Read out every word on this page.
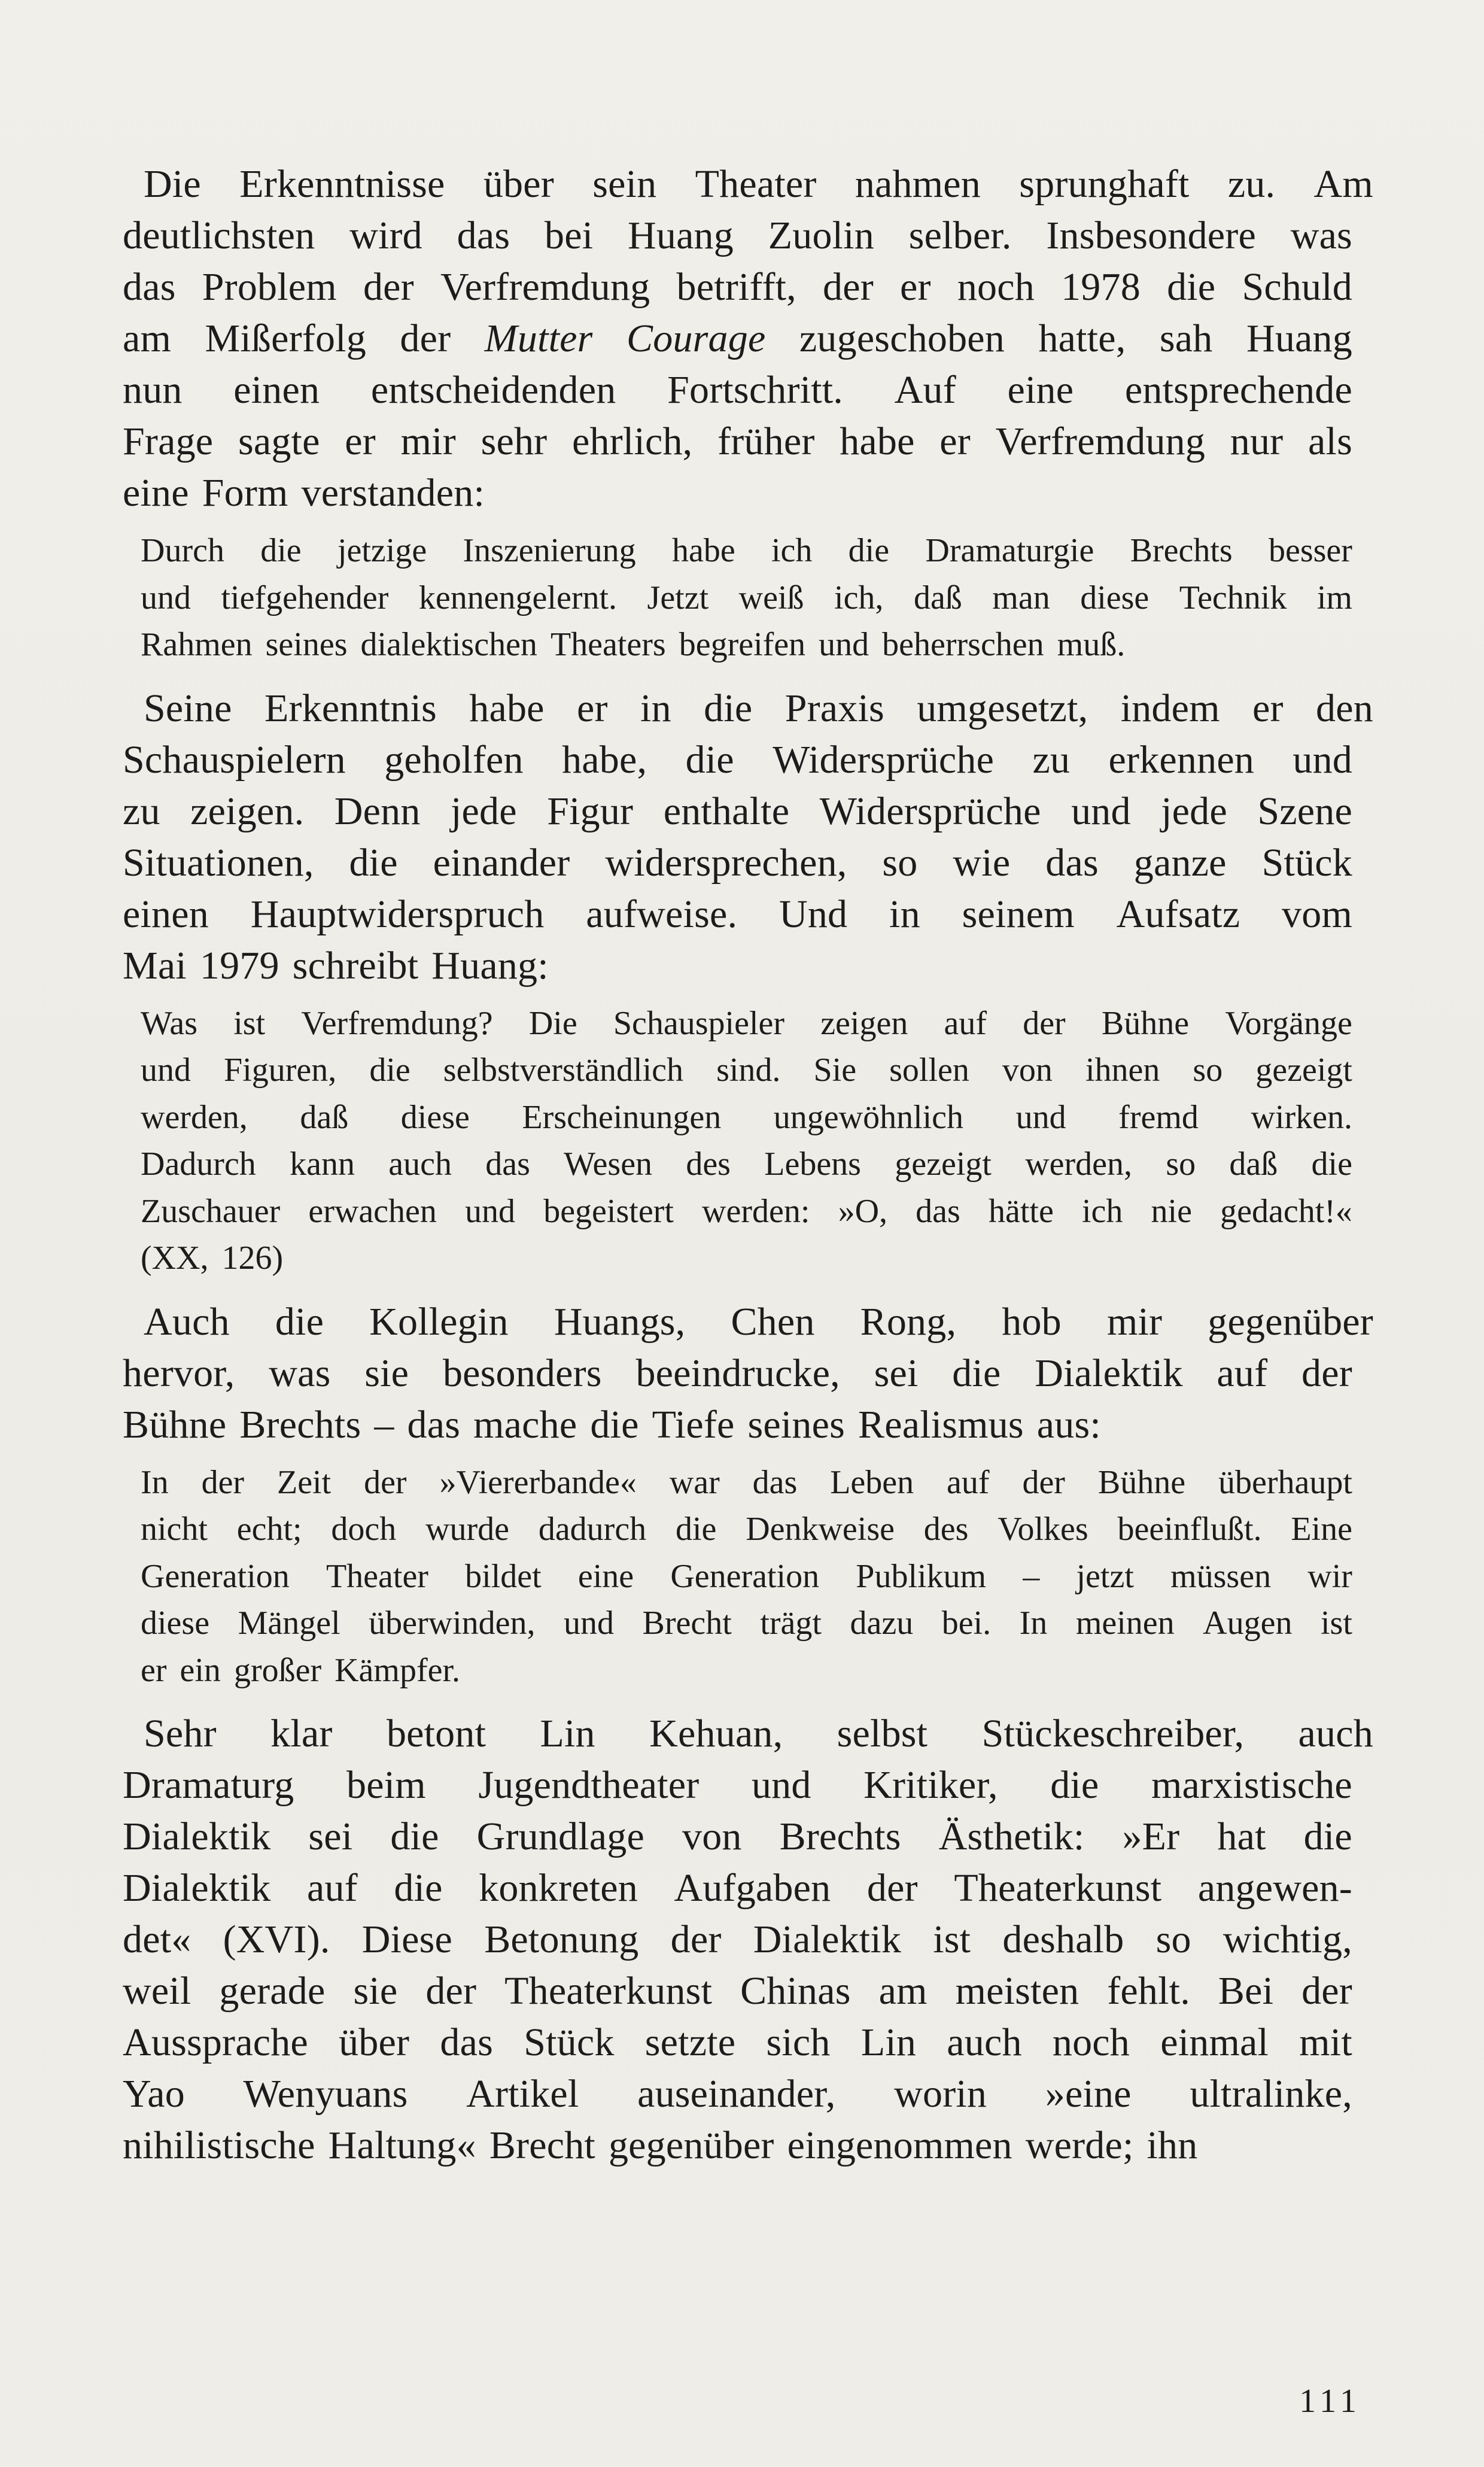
Die Erkenntnisse über sein Theater nahmen sprunghaft zu. Am
deutlichsten wird das bei Huang Zuolin selber. Insbesondere was
das Problem der Verfremdung betrifft, der er noch 1978 die Schuld
am Mißerfolg der Mutter Courage zugeschoben hatte, sah Huang
nun einen entscheidenden Fortschritt. Auf eine entsprechende
Frage sagte er mir sehr ehrlich, früher habe er Verfremdung nur als
eine Form verstanden:
Durch die jetzige Inszenierung habe ich die Dramaturgie Brechts besser
und tiefgehender kennengelernt. Jetzt weiß ich, daß man diese Technik im
Rahmen seines dialektischen Theaters begreifen und beherrschen muß.
Seine Erkenntnis habe er in die Praxis umgesetzt, indem er den
Schauspielern geholfen habe, die Widersprüche zu erkennen und
zu zeigen. Denn jede Figur enthalte Widersprüche und jede Szene
Situationen, die einander widersprechen, so wie das ganze Stück
einen Hauptwiderspruch aufweise. Und in seinem Aufsatz vom
Mai 1979 schreibt Huang:
Was ist Verfremdung? Die Schauspieler zeigen auf der Bühne Vorgänge
und Figuren, die selbstverständlich sind. Sie sollen von ihnen so gezeigt
werden, daß diese Erscheinungen ungewöhnlich und fremd wirken.
Dadurch kann auch das Wesen des Lebens gezeigt werden, so daß die
Zuschauer erwachen und begeistert werden: »O, das hätte ich nie gedacht!«
(XX, 126)
Auch die Kollegin Huangs, Chen Rong, hob mir gegenüber
hervor, was sie besonders beeindrucke, sei die Dialektik auf der
Bühne Brechts – das mache die Tiefe seines Realismus aus:
In der Zeit der »Viererbande« war das Leben auf der Bühne überhaupt
nicht echt; doch wurde dadurch die Denkweise des Volkes beeinflußt. Eine
Generation Theater bildet eine Generation Publikum – jetzt müssen wir
diese Mängel überwinden, und Brecht trägt dazu bei. In meinen Augen ist
er ein großer Kämpfer.
Sehr klar betont Lin Kehuan, selbst Stückeschreiber, auch
Dramaturg beim Jugendtheater und Kritiker, die marxistische
Dialektik sei die Grundlage von Brechts Ästhetik: »Er hat die
Dialektik auf die konkreten Aufgaben der Theaterkunst angewen-
det« (XVI). Diese Betonung der Dialektik ist deshalb so wichtig,
weil gerade sie der Theaterkunst Chinas am meisten fehlt. Bei der
Aussprache über das Stück setzte sich Lin auch noch einmal mit
Yao Wenyuans Artikel auseinander, worin »eine ultralinke,
nihilistische Haltung« Brecht gegenüber eingenommen werde; ihn
111
